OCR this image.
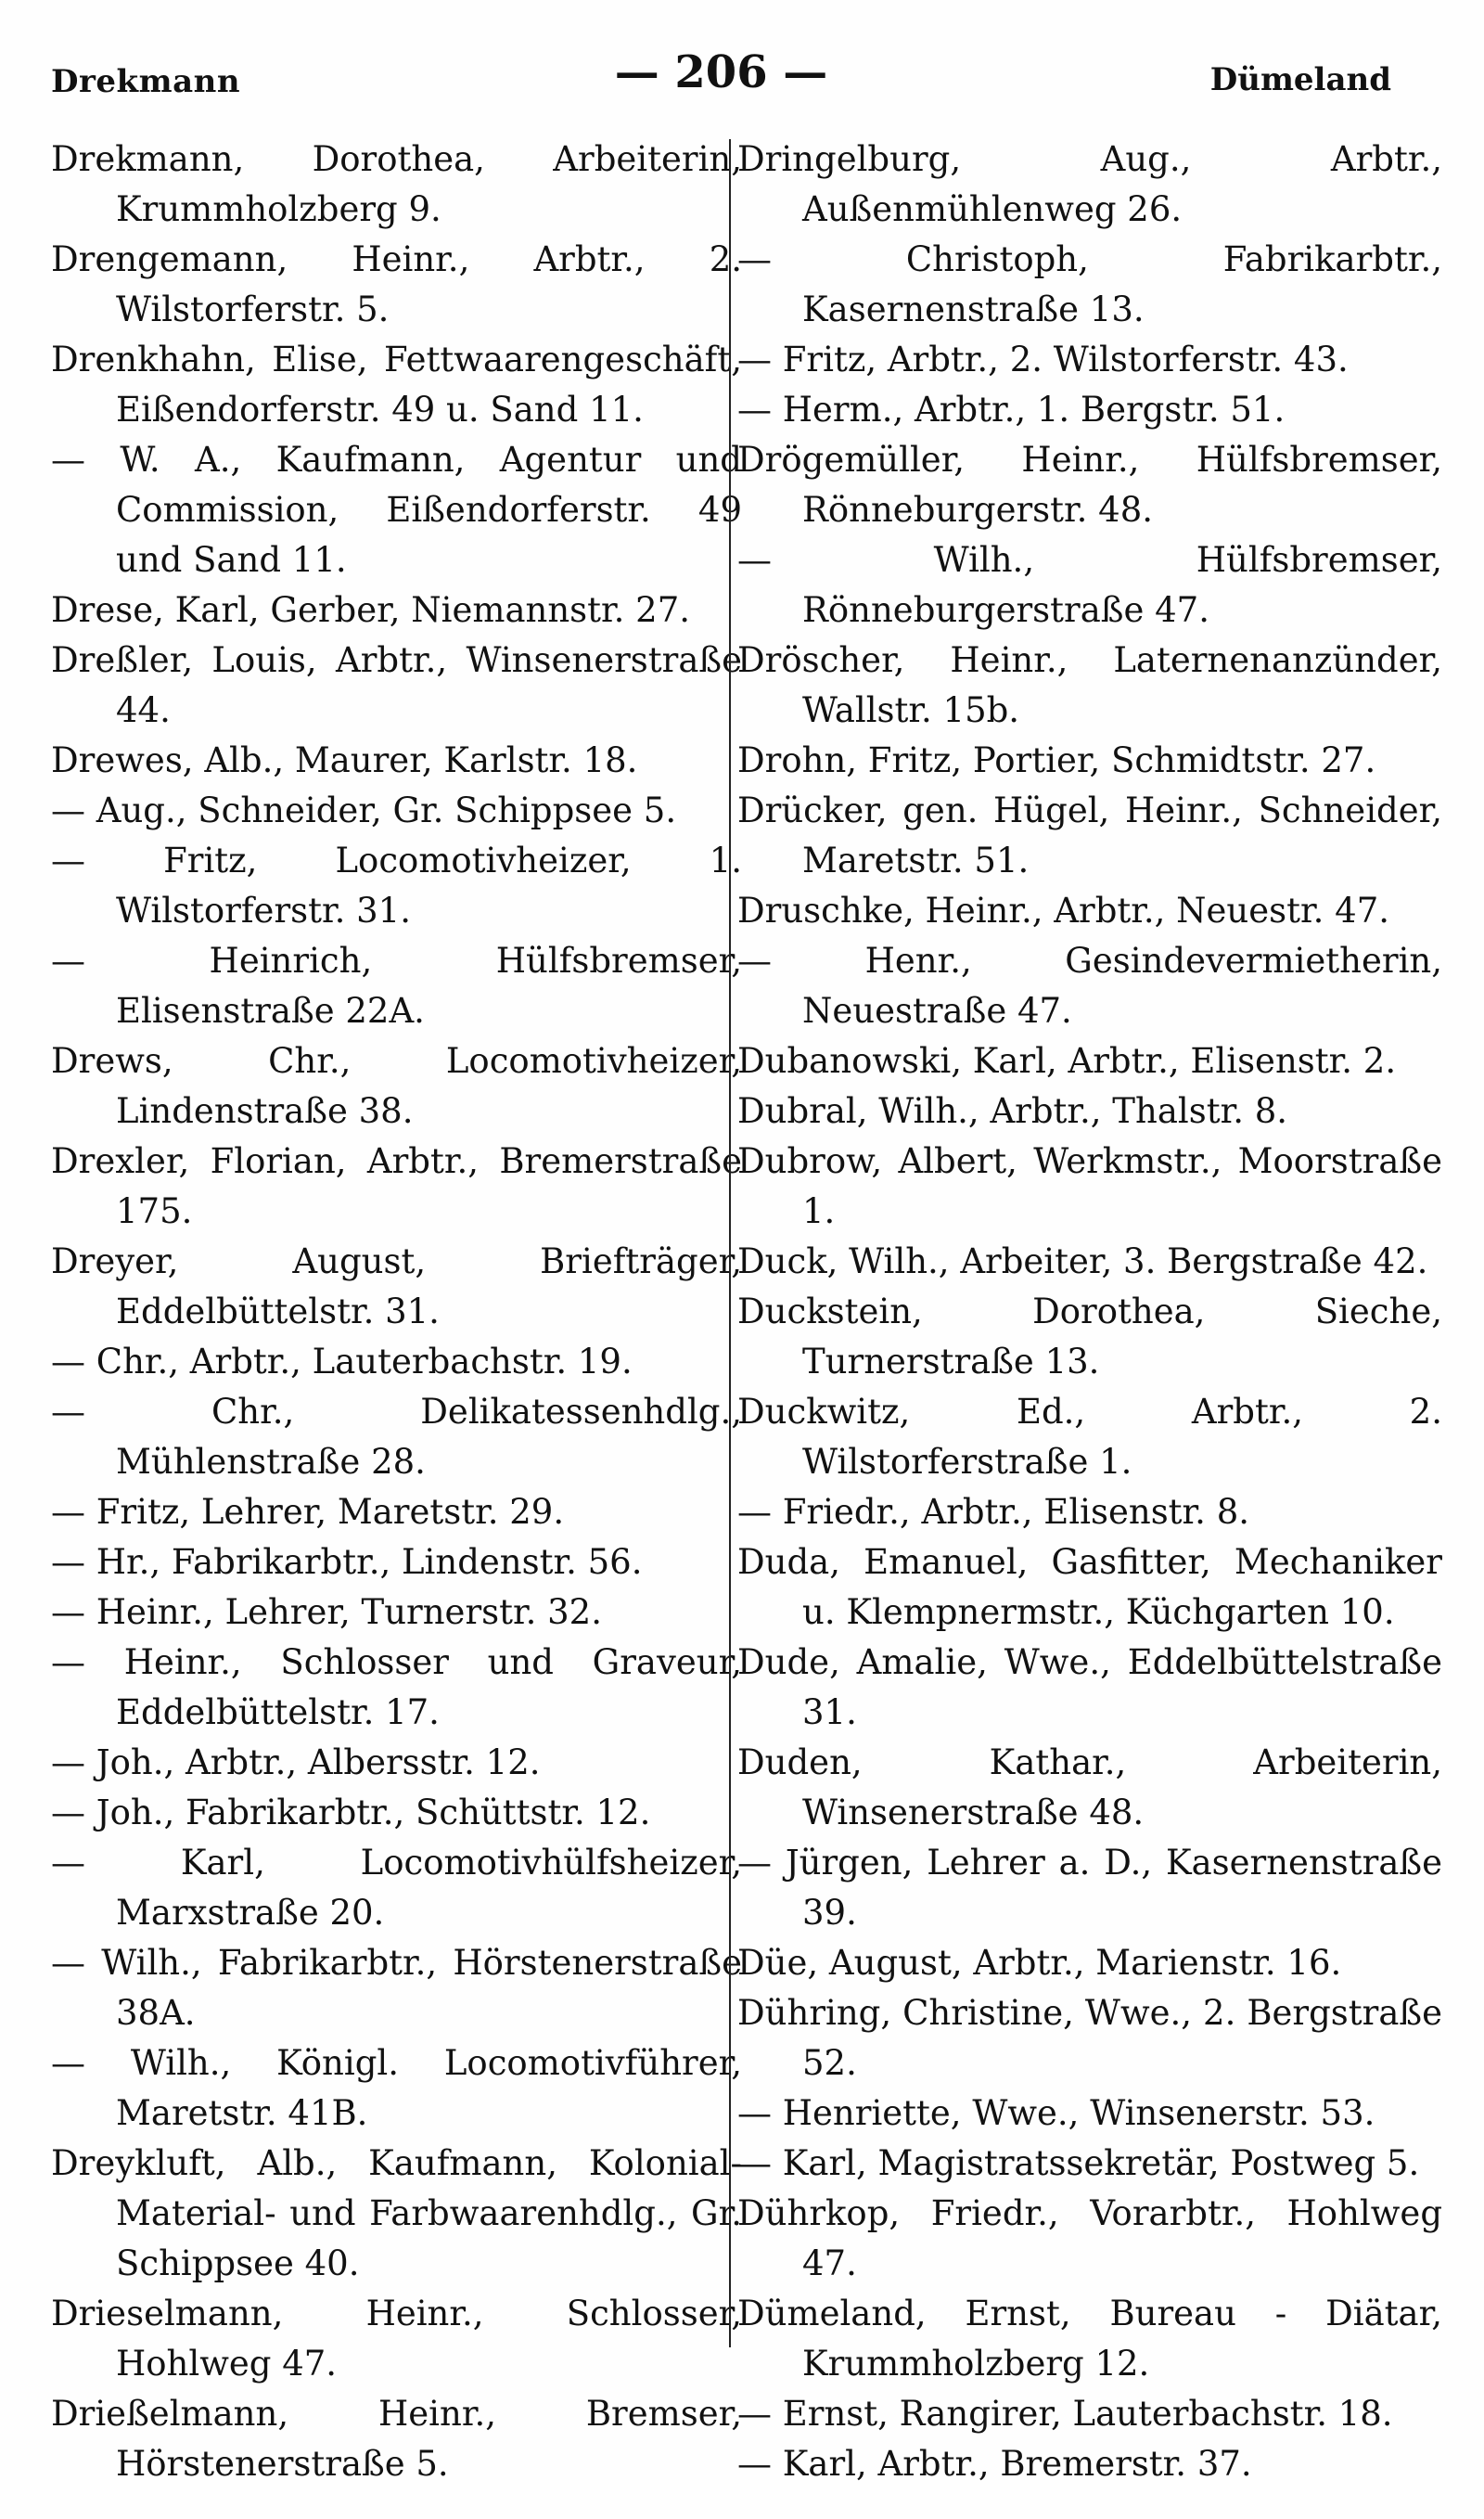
Drekmann	— 206 —	Dümeland

Drekmann, Dorothea, Arbeiterin, Krummholzberg 9.

Drengemann, Heinr., Arbtr., 2. Wilstorferstr. 5.

Drenkhahn, Elise, Fettwaarengeschäft, Eißendorferstr. 49 u. Sand 11.

— W. A., Kaufmann, Agentur und Commission, Eißendorferstr. 49 und Sand 11.

Drese, Karl, Gerber, Niemannstr. 27.

Dreßler, Louis, Arbtr., Winsenerstraße 44.

Drewes, Alb., Maurer, Karlstr. 18.

— Aug., Schneider, Gr. Schippsee 5.

— Fritz, Locomotivheizer, 1. Wilstorferstr. 31.

— Heinrich, Hülfsbremser, Elisenstraße 22A.

Drews, Chr., Locomotivheizer, Lindenstraße 38.

Drexler, Florian, Arbtr., Bremerstraße 175.

Dreyer, August, Briefträger, Eddelbüttelstr. 31.

— Chr., Arbtr., Lauterbachstr. 19.

— Chr., Delikatessenhdlg., Mühlenstraße 28.

— Fritz, Lehrer, Maretstr. 29.

— Hr., Fabrikarbtr., Lindenstr. 56.

— Heinr., Lehrer, Turnerstr. 32.

— Heinr., Schlosser und Graveur, Eddelbüttelstr. 17.

— Joh., Arbtr., Albersstr. 12.

— Joh., Fabrikarbtr., Schüttstr. 12.

— Karl, Locomotivhülfsheizer, Marxstraße 20.

— Wilh., Fabrikarbtr., Hörstenerstraße 38A.

— Wilh., Königl. Locomotivführer, Maretstr. 41B.

Dreykluft, Alb., Kaufmann, Kolonial- Material- und Farbwaarenhdlg., Gr. Schippsee 40.

Drieselmann, Heinr., Schlosser, Hohlweg 47.

Drießelmann, Heinr., Bremser, Hörstenerstraße 5.

Dringelburg, Aug., Arbtr., Außenmühlenweg 26.

— Christoph, Fabrikarbtr., Kasernenstraße 13.

— Fritz, Arbtr., 2. Wilstorferstr. 43.

— Herm., Arbtr., 1. Bergstr. 51.

Drögemüller, Heinr., Hülfsbremser, Rönneburgerstr. 48.

— Wilh., Hülfsbremser, Rönneburgerstraße 47.

Dröscher, Heinr., Laternenanzünder, Wallstr. 15b.

Drohn, Fritz, Portier, Schmidtstr. 27.

Drücker, gen. Hügel, Heinr., Schneider, Maretstr. 51.

Druschke, Heinr., Arbtr., Neuestr. 47.

— Henr., Gesindevermietherin, Neuestraße 47.

Dubanowski, Karl, Arbtr., Elisenstr. 2.

Dubral, Wilh., Arbtr., Thalstr. 8.

Dubrow, Albert, Werkmstr., Moorstraße 1.

Duck, Wilh., Arbeiter, 3. Bergstraße 42.

Duckstein, Dorothea, Sieche, Turnerstraße 13.

Duckwitz, Ed., Arbtr., 2. Wilstorferstraße 1.

— Friedr., Arbtr., Elisenstr. 8.

Duda, Emanuel, Gasfitter, Mechaniker u. Klempnermstr., Küchgarten 10.

Dude, Amalie, Wwe., Eddelbüttelstraße 31.

Duden, Kathar., Arbeiterin, Winsenerstraße 48.

— Jürgen, Lehrer a. D., Kasernenstraße 39.

Düe, August, Arbtr., Marienstr. 16.

Dühring, Christine, Wwe., 2. Bergstraße 52.

— Henriette, Wwe., Winsenerstr. 53.

— Karl, Magistratssekretär, Postweg 5.

Dührkop, Friedr., Vorarbtr., Hohlweg 47.

Dümeland, Ernst, Bureau - Diätar, Krummholzberg 12.

— Ernst, Rangirer, Lauterbachstr. 18.

— Karl, Arbtr., Bremerstr. 37.
